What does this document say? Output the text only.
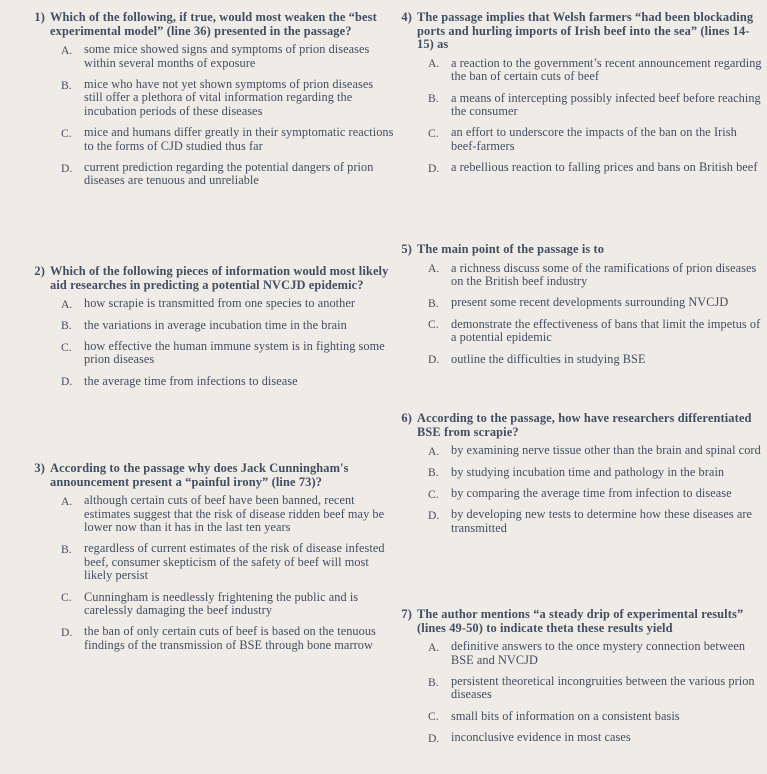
1) Which of the following, if true, would most weaken the “best experimental model” (line 36) presented in the passage?
A. some mice showed signs and symptoms of prion diseases within several months of exposure
B. mice who have not yet shown symptoms of prion diseases still offer a plethora of vital information regarding the incubation periods of these diseases
C. mice and humans differ greatly in their symptomatic reactions to the forms of CJD studied thus far
D. current prediction regarding the potential dangers of prion diseases are tenuous and unreliable
2) Which of the following pieces of information would most likely aid researches in predicting a potential NVCJD epidemic?
A. how scrapie is transmitted from one species to another
B. the variations in average incubation time in the brain
C. how effective the human immune system is in fighting some prion diseases
D. the average time from infections to disease
3) According to the passage why does Jack Cunningham's announcement present a “painful irony” (line 73)?
A. although certain cuts of beef have been banned, recent estimates suggest that the risk of disease ridden beef may be lower now than it has in the last ten years
B. regardless of current estimates of the risk of disease infested beef, consumer skepticism of the safety of beef will most likely persist
C. Cunningham is needlessly frightening the public and is carelessly damaging the beef industry
D. the ban of only certain cuts of beef is based on the tenuous findings of the transmission of BSE through bone marrow
4) The passage implies that Welsh farmers “had been blockading ports and hurling imports of Irish beef into the sea” (lines 14-15) as
A. a reaction to the government’s recent announcement regarding the ban of certain cuts of beef
B. a means of intercepting possibly infected beef before reaching the consumer
C. an effort to underscore the impacts of the ban on the Irish beef-farmers
D. a rebellious reaction to falling prices and bans on British beef
5) The main point of the passage is to
A. a richness discuss some of the ramifications of prion diseases on the British beef industry
B. present some recent developments surrounding NVCJD
C. demonstrate the effectiveness of bans that limit the impetus of a potential epidemic
D. outline the difficulties in studying BSE
6) According to the passage, how have researchers differentiated BSE from scrapie?
A. by examining nerve tissue other than the brain and spinal cord
B. by studying incubation time and pathology in the brain
C. by comparing the average time from infection to disease
D. by developing new tests to determine how these diseases are transmitted
7) The author mentions “a steady drip of experimental results” (lines 49-50) to indicate theta these results yield
A. definitive answers to the once mystery connection between BSE and NVCJD
B. persistent theoretical incongruities between the various prion diseases
C. small bits of information on a consistent basis
D. inconclusive evidence in most cases
